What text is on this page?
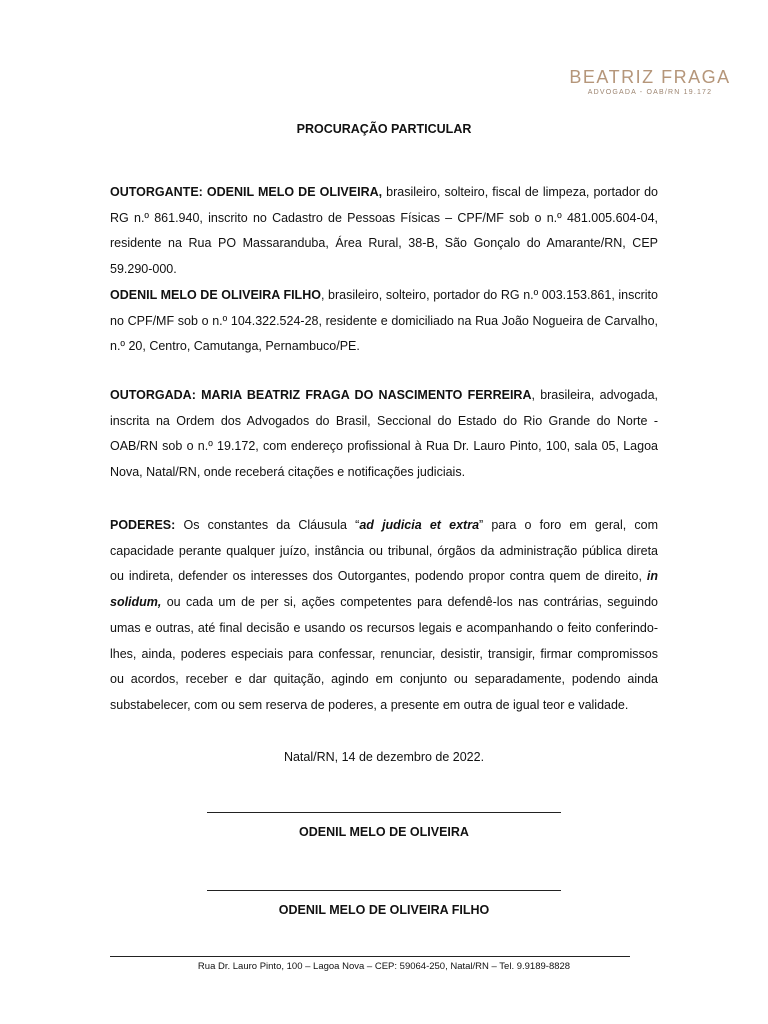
BEATRIZ FRAGA
ADVOGADA - OAB/RN 19.172
PROCURAÇÃO PARTICULAR
OUTORGANTE: ODENIL MELO DE OLIVEIRA, brasileiro, solteiro, fiscal de limpeza, portador do RG n.º 861.940, inscrito no Cadastro de Pessoas Físicas – CPF/MF sob o n.º 481.005.604-04, residente na Rua PO Massaranduba, Área Rural, 38-B, São Gonçalo do Amarante/RN, CEP 59.290-000.
ODENIL MELO DE OLIVEIRA FILHO, brasileiro, solteiro, portador do RG n.º 003.153.861, inscrito no CPF/MF sob o n.º 104.322.524-28, residente e domiciliado na Rua João Nogueira de Carvalho, n.º 20, Centro, Camutanga, Pernambuco/PE.
OUTORGADA: MARIA BEATRIZ FRAGA DO NASCIMENTO FERREIRA, brasileira, advogada, inscrita na Ordem dos Advogados do Brasil, Seccional do Estado do Rio Grande do Norte - OAB/RN sob o n.º 19.172, com endereço profissional à Rua Dr. Lauro Pinto, 100, sala 05, Lagoa Nova, Natal/RN, onde receberá citações e notificações judiciais.
PODERES: Os constantes da Cláusula “ad judicia et extra” para o foro em geral, com capacidade perante qualquer juízo, instância ou tribunal, órgãos da administração pública direta ou indireta, defender os interesses dos Outorgantes, podendo propor contra quem de direito, in solidum, ou cada um de per si, ações competentes para defendê-los nas contrárias, seguindo umas e outras, até final decisão e usando os recursos legais e acompanhando o feito conferindo-lhes, ainda, poderes especiais para confessar, renunciar, desistir, transigir, firmar compromissos ou acordos, receber e dar quitação, agindo em conjunto ou separadamente, podendo ainda substabelecer, com ou sem reserva de poderes, a presente em outra de igual teor e validade.
Natal/RN, 14 de dezembro de 2022.
ODENIL MELO DE OLIVEIRA
ODENIL MELO DE OLIVEIRA FILHO
Rua Dr. Lauro Pinto, 100 – Lagoa Nova – CEP: 59064-250, Natal/RN – Tel. 9.9189-8828
